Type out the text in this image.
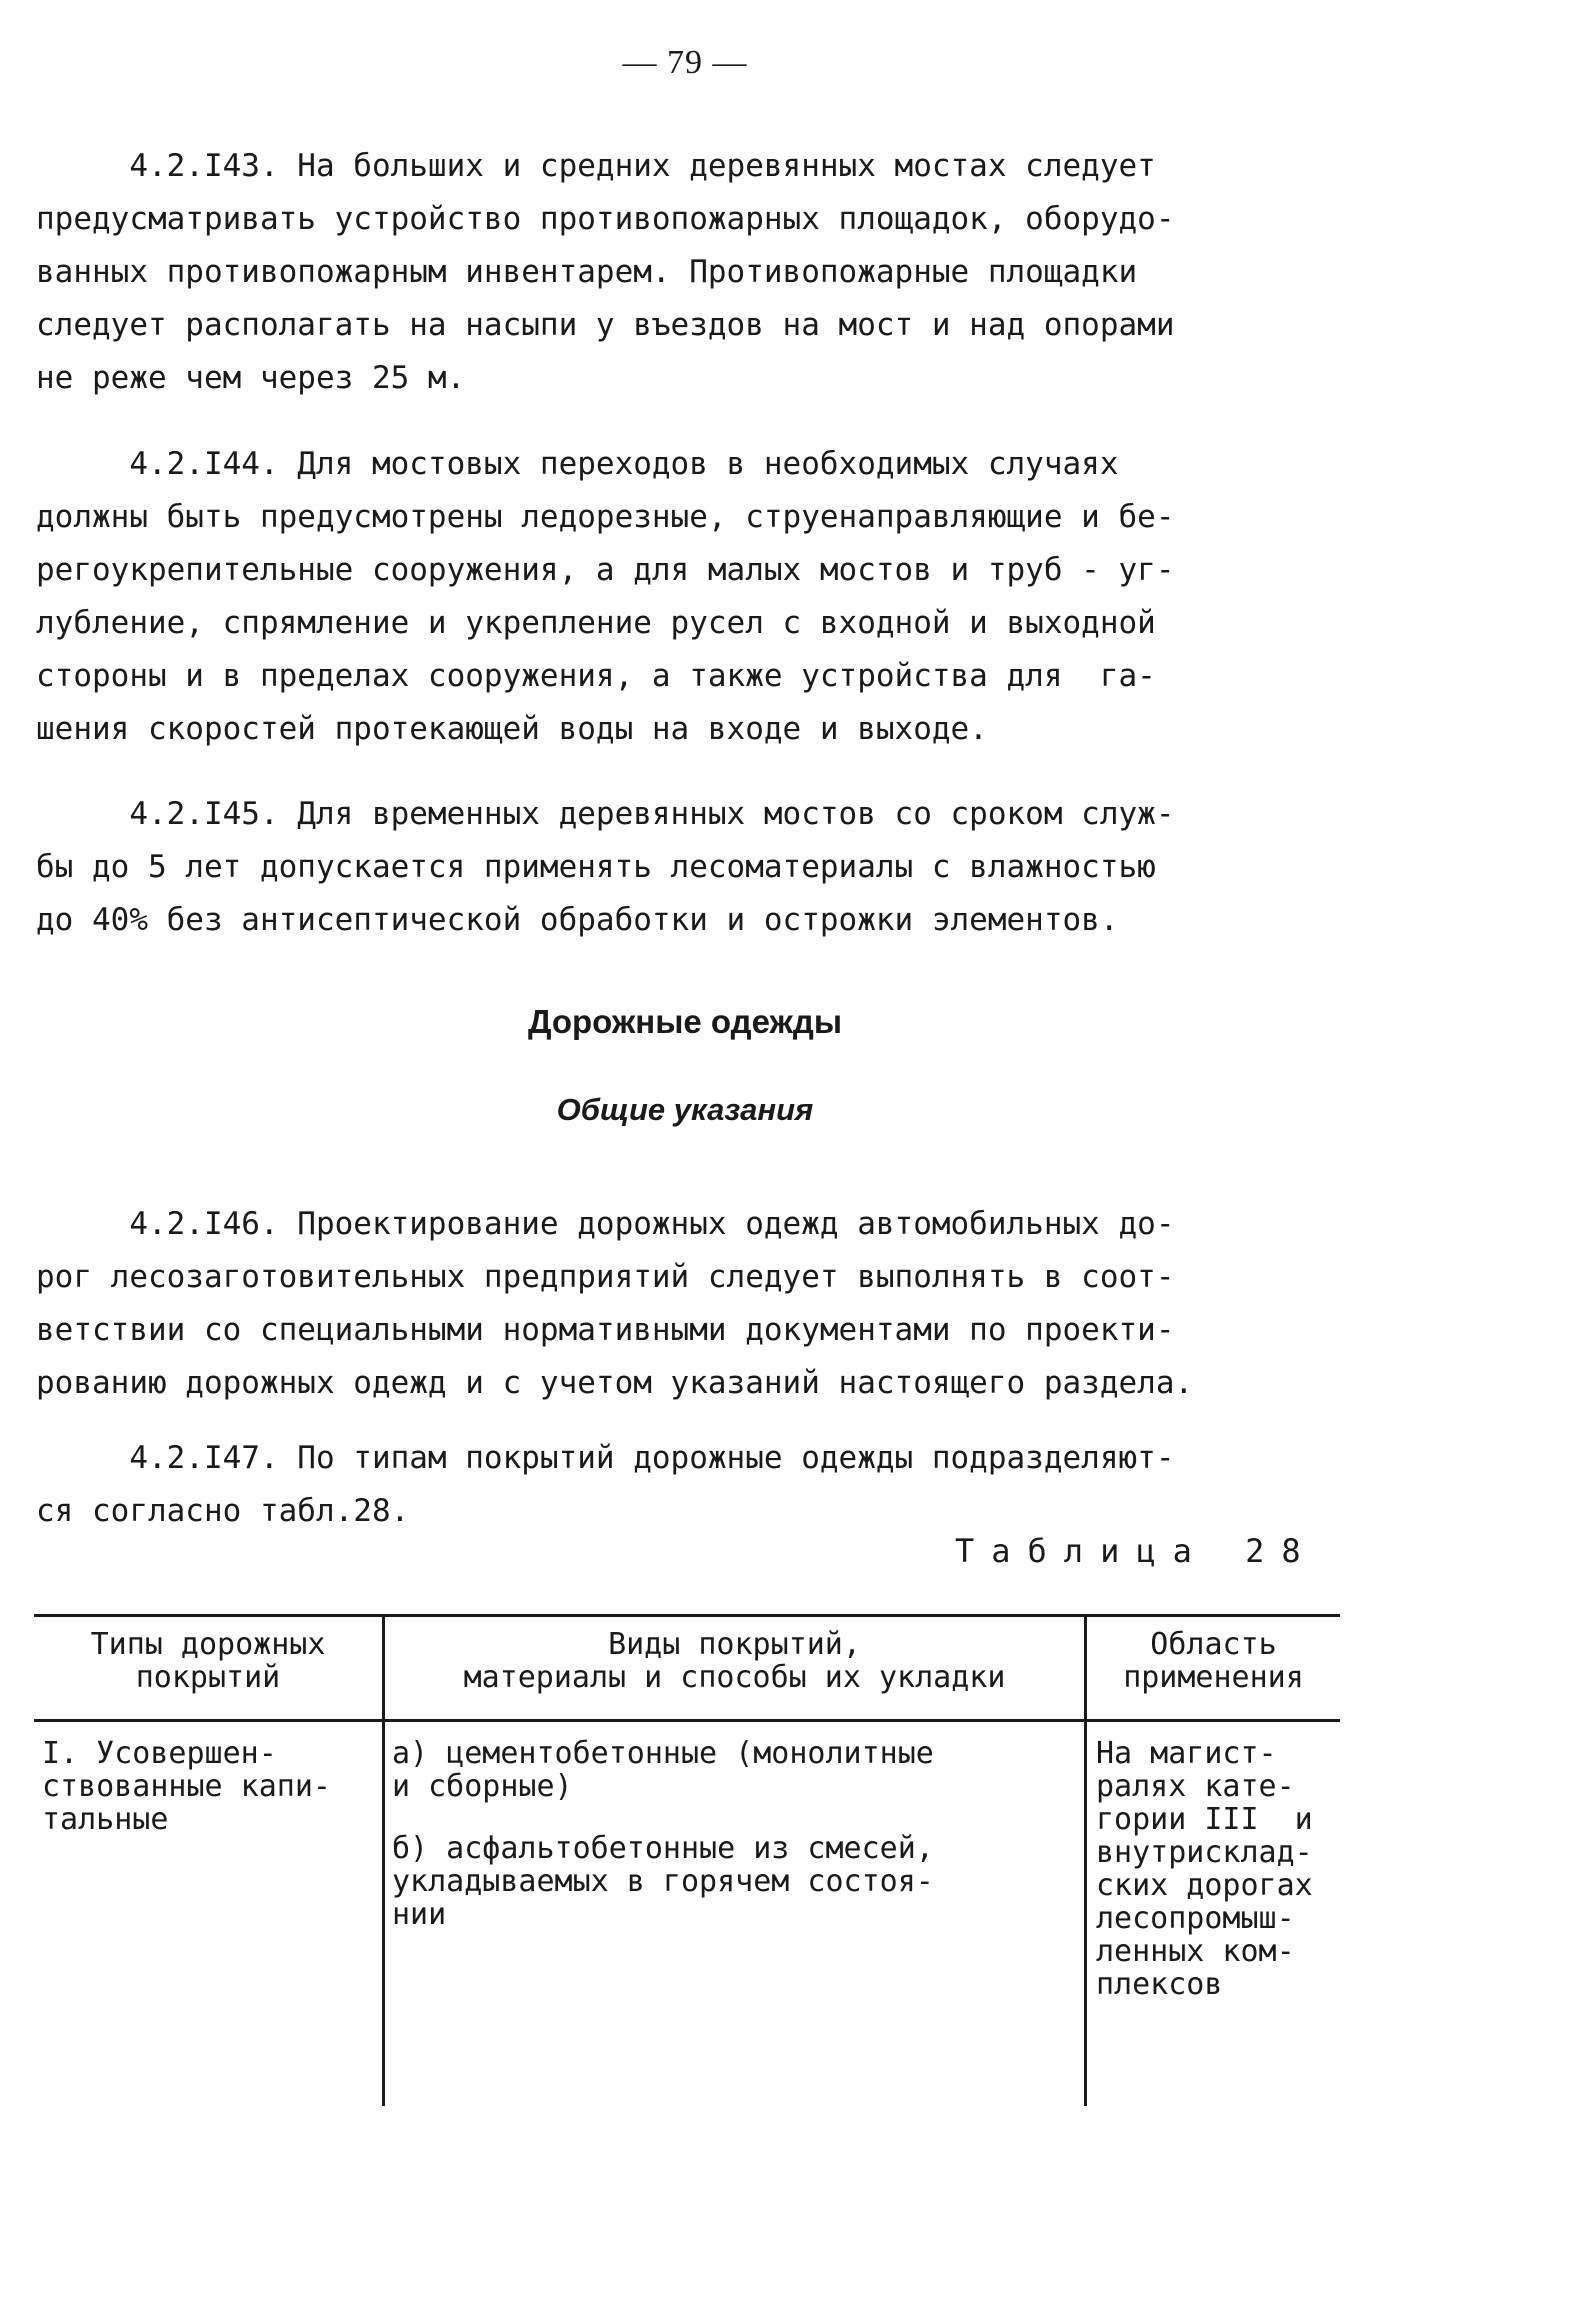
— 79 —

4.2.I43. На больших и средних деревянных мостах следует
предусматривать устройство противопожарных площадок, оборудо-
ванных противопожарным инвентарем. Противопожарные площадки
следует располагать на насыпи у въездов на мост и над опорами
не реже чем через 25 м.

4.2.I44. Для мостовых переходов в необходимых случаях
должны быть предусмотрены ледорезные, струенаправляющие и бе-
регоукрепительные сооружения, а для малых мостов и труб - уг-
лубление, спрямление и укрепление русел с входной и выходной
стороны и в пределах сооружения, а также устройства для  га-
шения скоростей протекающей воды на входе и выходе.

4.2.I45. Для временных деревянных мостов со сроком служ-
бы до 5 лет допускается применять лесоматериалы с влажностью
до 40% без антисептической обработки и острожки элементов.

Дорожные одежды
Общие указания

4.2.I46. Проектирование дорожных одежд автомобильных до-
рог лесозаготовительных предприятий следует выполнять в соот-
ветствии со специальными нормативными документами по проекти-
рованию дорожных одежд и с учетом указаний настоящего раздела.

4.2.I47. По типам покрытий дорожные одежды подразделяют-
ся согласно табл.28.

Таблица 28
Типы дорожных
покрытий
Виды покрытий,
материалы и способы их укладки
Область
применения
I. Усовершен-
ствованные капи-
тальные
а) цементобетонные (монолитные
и сборные)
б) асфальтобетонные из смесей,
укладываемых в горячем состоя-
нии
На магист-
ралях кате-
гории III  и
внутрисклад-
ских дорогах
лесопромыш-
ленных ком-
плексов
